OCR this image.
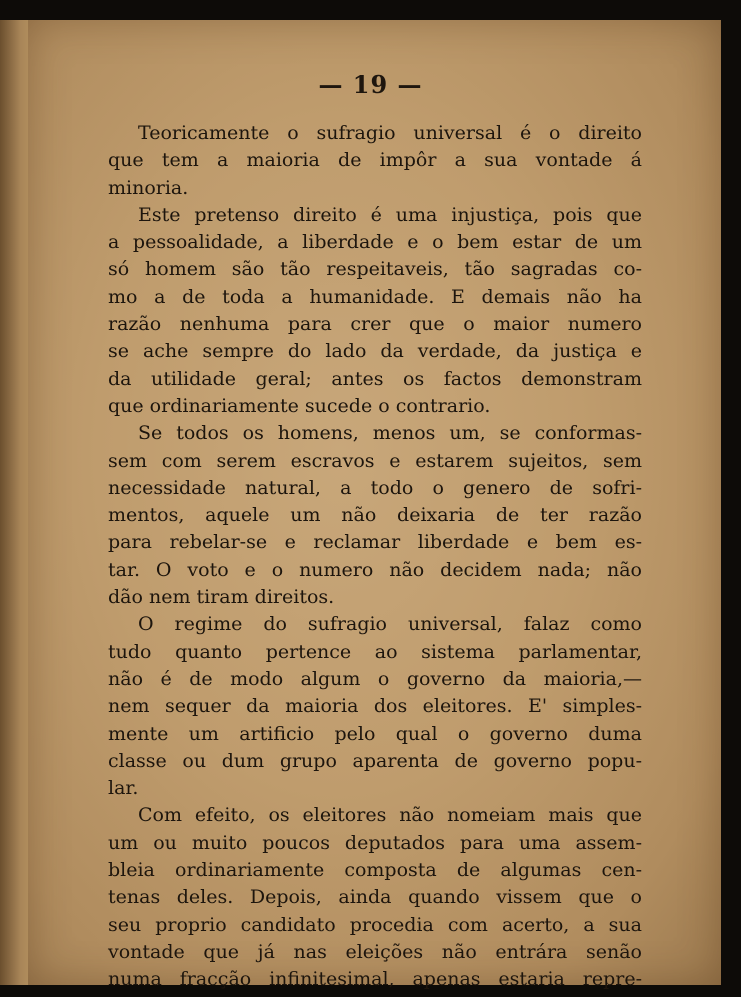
— 19 —
Teoricamente o sufragio universal é o direito
que tem a maioria de impôr a sua vontade á
minoria.
Este pretenso direito é uma injustiça, pois que
a pessoalidade, a liberdade e o bem estar de um
só homem são tão respeitaveis, tão sagradas co-
mo a de toda a humanidade. E demais não ha
razão nenhuma para crer que o maior numero
se ache sempre do lado da verdade, da justiça e
da utilidade geral; antes os factos demonstram
que ordinariamente sucede o contrario.
Se todos os homens, menos um, se conformas-
sem com serem escravos e estarem sujeitos, sem
necessidade natural, a todo o genero de sofri-
mentos, aquele um não deixaria de ter razão
para rebelar-se e reclamar liberdade e bem es-
tar. O voto e o numero não decidem nada; não
dão nem tiram direitos.
O regime do sufragio universal, falaz como
tudo quanto pertence ao sistema parlamentar,
não é de modo algum o governo da maioria,—
nem sequer da maioria dos eleitores. E' simples-
mente um artificio pelo qual o governo duma
classe ou dum grupo aparenta de governo popu-
lar.
Com efeito, os eleitores não nomeiam mais que
um ou muito poucos deputados para uma assem-
bleia ordinariamente composta de algumas cen-
tenas deles. Depois, ainda quando vissem que o
seu proprio candidato procedia com acerto, a sua
vontade que já nas eleições não entrára senão
numa fracção infinitesimal, apenas estaria repre-
